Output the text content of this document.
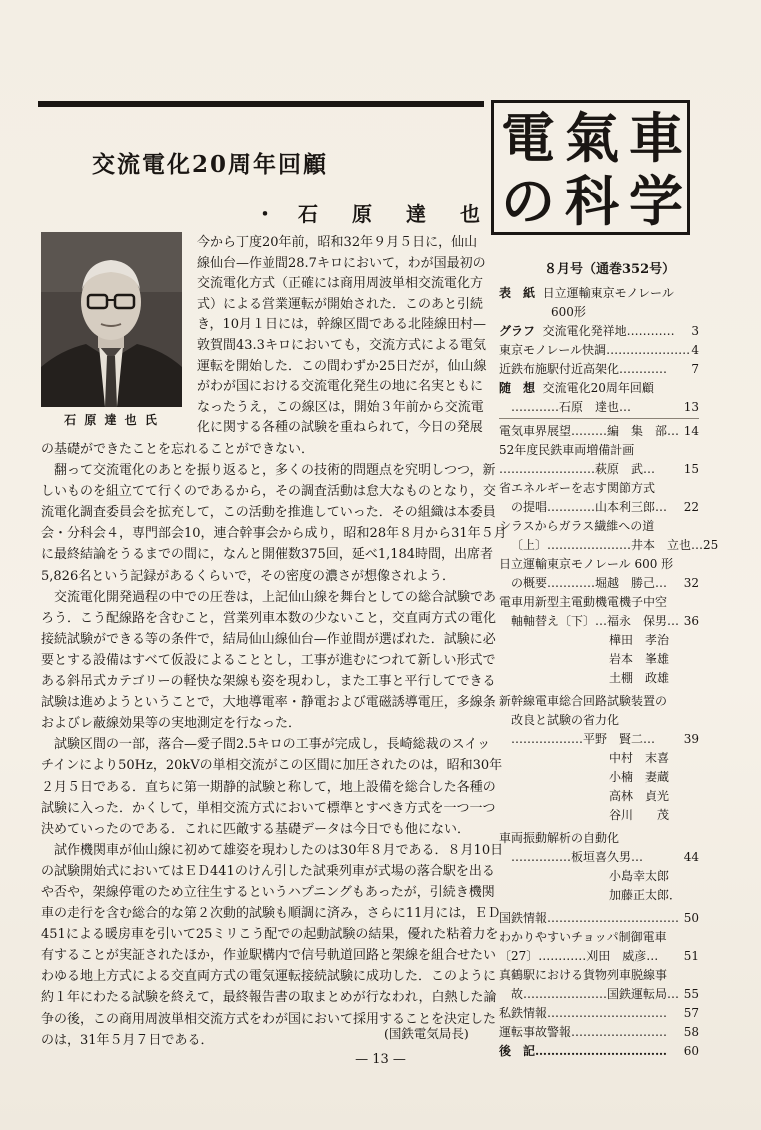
交流電化20周年回顧
・ 石　原　達　也
石 原 達 也 氏
今から丁度20年前，昭和32年９月５日に，仙山
線仙台—作並間28.7キロにおいて，わが国最初の
交流電化方式（正確には商用周波単相交流電化方
式）による営業運転が開始された．このあと引続
き，10月１日には，幹線区間である北陸線田村—
敦賀間43.3キロにおいても，交流方式による電気
運転を開始した．この間わずか25日だが，仙山線
がわが国における交流電化発生の地に名実ともに
なったうえ，この線区は，開始３年前から交流電
化に関する各種の試験を重ねられて，今日の発展
の基礎ができたことを忘れることができない．
　翻って交流電化のあとを振り返ると，多くの技術的問題点を究明しつつ，新
しいものを組立てて行くのであるから，その調査活動は怠大なものとなり，交
流電化調査委員会を拡充して，この活動を推進していった．その組織は本委員
会・分科会４，専門部会10，連合幹事会から成り，昭和28年８月から31年５月
に最終結論をうるまでの間に，なんと開催数375回，延べ1,184時間，出席者
5,826名という記録があるくらいで，その密度の濃さが想像されよう．
　交流電化開発過程の中での圧巻は，上記仙山線を舞台としての総合試験であ
ろう．こう配線路を含むこと，営業列車本数の少ないこと，交直両方式の電化
接続試験ができる等の条件で，結局仙山線仙台—作並間が選ばれた．試験に必
要とする設備はすべて仮設によることとし，工事が進むにつれて新しい形式で
ある斜吊式カテゴリーの軽快な架線も姿を現わし，また工事と平行してできる
試験は進めようということで，大地導電率・静電および電磁誘導電圧，多線条
およびレ蔽線効果等の実地測定を行なった．
　試験区間の一部，落合—愛子間2.5キロの工事が完成し，長崎総裁のスイッ
チインにより50Hz，20kVの単相交流がこの区間に加圧されたのは，昭和30年
２月５日である．直ちに第一期静的試験と称して，地上設備を総合した各種の
試験に入った．かくして，単相交流方式において標準とすべき方式を一つ一つ
決めていったのである．これに匹敵する基礎データは今日でも他にない．
　試作機関車が仙山線に初めて雄姿を現わしたのは30年８月である．８月10日
の試験開始式においてはＥＤ441のけん引した試乗列車が式場の落合駅を出る
や否や，架線停電のため立往生するというハプニングもあったが，引続き機関
車の走行を含む総合的な第２次動的試験も順調に済み，さらに11月には，ＥＤ
451による暖房車を引いて25ミリこう配での起動試験の結果，優れた粘着力を
有することが実証されたほか，作並駅構内で信号軌道回路と架線を組合せたい
わゆる地上方式による交直両方式の電気運転接続試験に成功した．このように
約１年にわたる試験を終えて，最終報告書の取まとめが行なわれ，白熱した論
争の後，この商用周波単相交流方式をわが国において採用することを決定した
のは，31年５月７日である．	(国鉄電気局長)
— 13 —
電 氣 車
の 科 学
８月号（通巻352号）
表　紙 日立運輸東京モノレール
600形
グラフ 交流電化発祥地………… 3
東京モノレール快調………………… 4
近鉄布施駅付近高架化………… 7
随　想 交流電化20周年回顧
…………石原　達也…	13
電気車界展望………編　集　部… 14
52年度民鉄車両増備計画
……………………萩原　武… 15
省エネルギーを志す関節方式
の提唱…………山本利三郎… 22
シラスからガラス繊維への道
〔上〕…………………井本　立也… 25
日立運輸東京モノレール 600 形
の概要…………堀越　勝己… 32
電車用新型主電動機電機子中空
軸軸替え〔下〕…福永　保男… 36
樺田　孝治
岩本　峯雄
土棚　政雄
新幹線電車総合回路試験装置の
改良と試験の省力化
………………平野　賢二… 39
中村　末喜
小楠　妻蔵
高林　貞光
谷川　　茂
車両振動解析の自動化
……………板垣喜久男…	44
小島幸太郎
加藤正太郎．
国鉄情報…………………………… 50
わかりやすいチョッパ制御電車
〔27〕…………刈田　威彦… 51
真鶴駅における貨物列車脱線事
故…………………国鉄運転局… 55
私鉄情報………………………… 57
運転事故警報…………………… 58
後　記…………………………… 60
